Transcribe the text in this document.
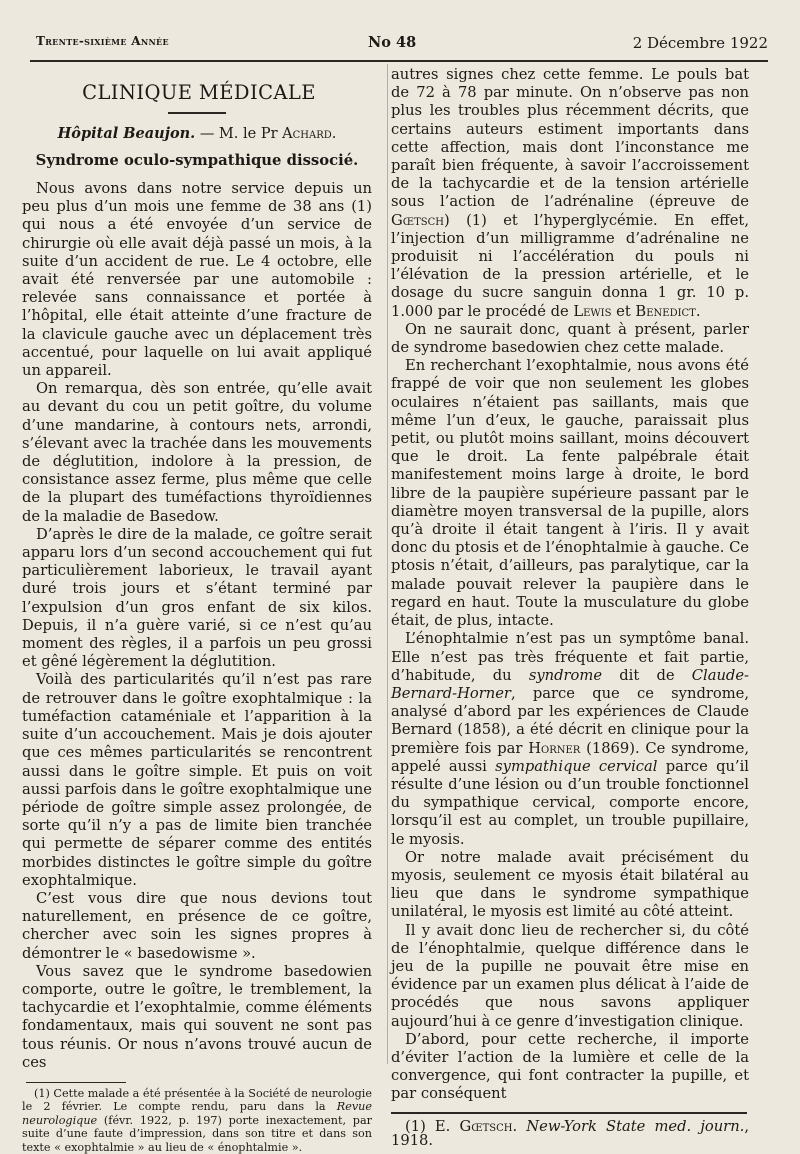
Trente-sixième Année	No 48	2 Décembre 1922
CLINIQUE MÉDICALE
Hôpital Beaujon. — M. le Pr Achard.
Syndrome oculo-sympathique dissocié.

Nous avons dans notre service depuis un peu plus d’un mois une femme de 38 ans (1) qui nous a été envoyée d’un service de chirurgie où elle avait déjà passé un mois, à la suite d’un accident de rue. Le 4 octobre, elle avait été renversée par une automobile : relevée sans connaissance et portée à l’hôpital, elle était atteinte d’une fracture de la clavicule gauche avec un déplacement très accentué, pour laquelle on lui avait appliqué un appareil.

On remarqua, dès son entrée, qu’elle avait au devant du cou un petit goître, du volume d’une mandarine, à contours nets, arrondi, s’élevant avec la trachée dans les mouvements de déglutition, indolore à la pression, de consistance assez ferme, plus même que celle de la plupart des tuméfactions thyroïdiennes de la maladie de Basedow.

D’après le dire de la malade, ce goître serait apparu lors d’un second accouchement qui fut particulièrement laborieux, le travail ayant duré trois jours et s’étant terminé par l’expulsion d’un gros enfant de six kilos. Depuis, il n’a guère varié, si ce n’est qu’au moment des règles, il a parfois un peu grossi et gêné légèrement la déglutition.

Voilà des particularités qu’il n’est pas rare de retrouver dans le goître exophtalmique : la tuméfaction cataméniale et l’apparition à la suite d’un accouchement. Mais je dois ajouter que ces mêmes particularités se rencontrent aussi dans le goître simple. Et puis on voit aussi parfois dans le goître exophtalmique une période de goître simple assez prolongée, de sorte qu’il n’y a pas de limite bien tranchée qui permette de séparer comme des entités morbides distinctes le goître simple du goître exophtalmique.

C’est vous dire que nous devions tout naturellement, en présence de ce goître, chercher avec soin les signes propres à démontrer le « basedowisme ».

Vous savez que le syndrome basedowien comporte, outre le goître, le tremblement, la tachycardie et l’exophtalmie, comme éléments fondamentaux, mais qui souvent ne sont pas tous réunis. Or nous n’avons trouvé aucun de ces

(1) Cette malade a été présentée à la Société de neurologie le 2 février. Le compte rendu, paru dans la Revue neurologique (févr. 1922, p. 197) porte inexactement, par suite d’une faute d’impression, dans son titre et dans son texte « exophtalmie » au lieu de « énophtalmie ».

autres signes chez cette femme. Le pouls bat de 72 à 78 par minute. On n’observe pas non plus les troubles plus récemment décrits, que certains auteurs estiment importants dans cette affection, mais dont l’inconstance me paraît bien fréquente, à savoir l’accroissement de la tachycardie et de la tension artérielle sous l’action de l’adrénaline (épreuve de Gœtsch) (1) et l’hyperglycémie. En effet, l’injection d’un milligramme d’adrénaline ne produisit ni l’accélération du pouls ni l’élévation de la pression artérielle, et le dosage du sucre sanguin donna 1 gr. 10 p. 1.000 par le procédé de Lewis et Benedict.

On ne saurait donc, quant à présent, parler de syndrome basedowien chez cette malade.

En recherchant l’exophtalmie, nous avons été frappé de voir que non seulement les globes oculaires n’étaient pas saillants, mais que même l’un d’eux, le gauche, paraissait plus petit, ou plutôt moins saillant, moins découvert que le droit. La fente palpébrale était manifestement moins large à droite, le bord libre de la paupière supérieure passant par le diamètre moyen transversal de la pupille, alors qu’à droite il était tangent à l’iris. Il y avait donc du ptosis et de l’énophtalmie à gauche. Ce ptosis n’était, d’ailleurs, pas paralytique, car la malade pouvait relever la paupière dans le regard en haut. Toute la musculature du globe était, de plus, intacte.

L’énophtalmie n’est pas un symptôme banal. Elle n’est pas très fréquente et fait partie, d’habitude, du syndrome dit de Claude-Bernard-Horner, parce que ce syndrome, analysé d’abord par les expériences de Claude Bernard (1858), a été décrit en clinique pour la première fois par Horner (1869). Ce syndrome, appelé aussi sympathique cervical parce qu’il résulte d’une lésion ou d’un trouble fonctionnel du sympathique cervical, comporte encore, lorsqu’il est au complet, un trouble pupillaire, le myosis.

Or notre malade avait précisément du myosis, seulement ce myosis était bilatéral au lieu que dans le syndrome sympathique unilatéral, le myosis est limité au côté atteint.

Il y avait donc lieu de rechercher si, du côté de l’énophtalmie, quelque différence dans le jeu de la pupille ne pouvait être mise en évidence par un examen plus délicat à l’aide de procédés que nous savons appliquer aujourd’hui à ce genre d’investigation clinique.

D’abord, pour cette recherche, il importe d’éviter l’action de la lumière et celle de la convergence, qui font contracter la pupille, et par conséquent

(1) E. Gœtsch. New-York State med. journ., 1918.
